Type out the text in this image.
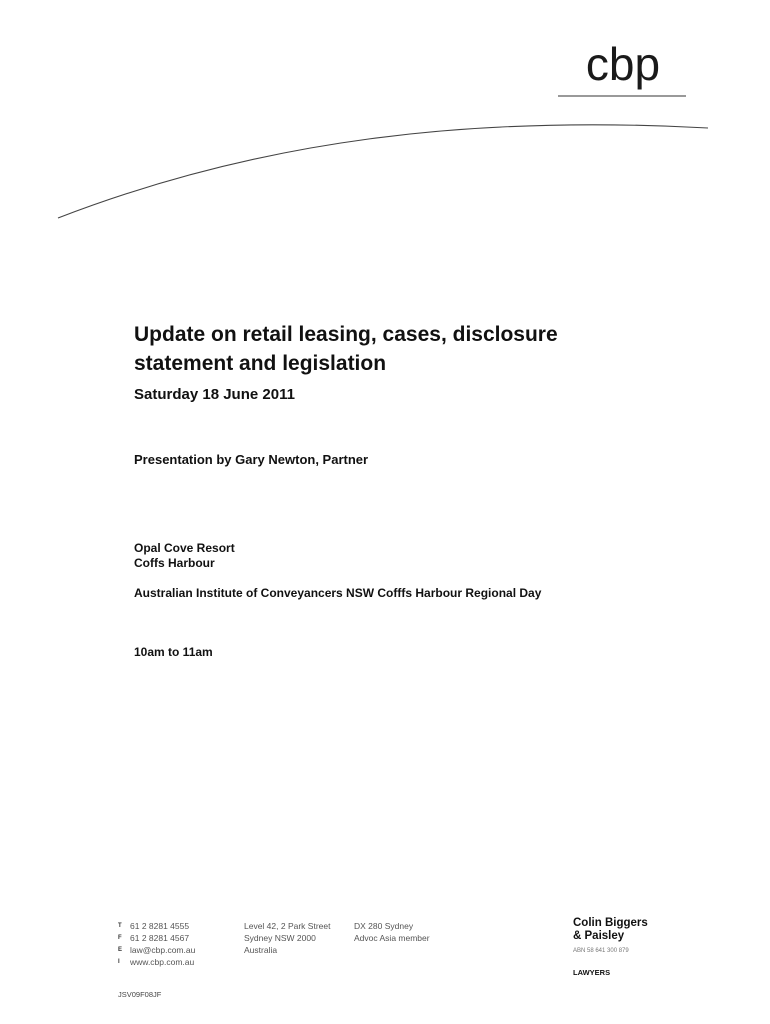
cbp
Update on retail leasing, cases, disclosure statement and legislation
Saturday 18 June 2011
Presentation by Gary Newton, Partner
Opal Cove Resort
Coffs Harbour
Australian Institute of Conveyancers NSW Cofffs Harbour Regional Day
10am to 11am
T 61 2 8281 4555
F 61 2 8281 4567
E law@cbp.com.au
I	www.cbp.com.au
Level 42, 2 Park Street
Sydney NSW 2000
Australia
DX 280 Sydney
Advoc Asia member
Colin Biggers
& Paisley
ABN 58 641 300 879
LAWYERS
JSV09F08JF
